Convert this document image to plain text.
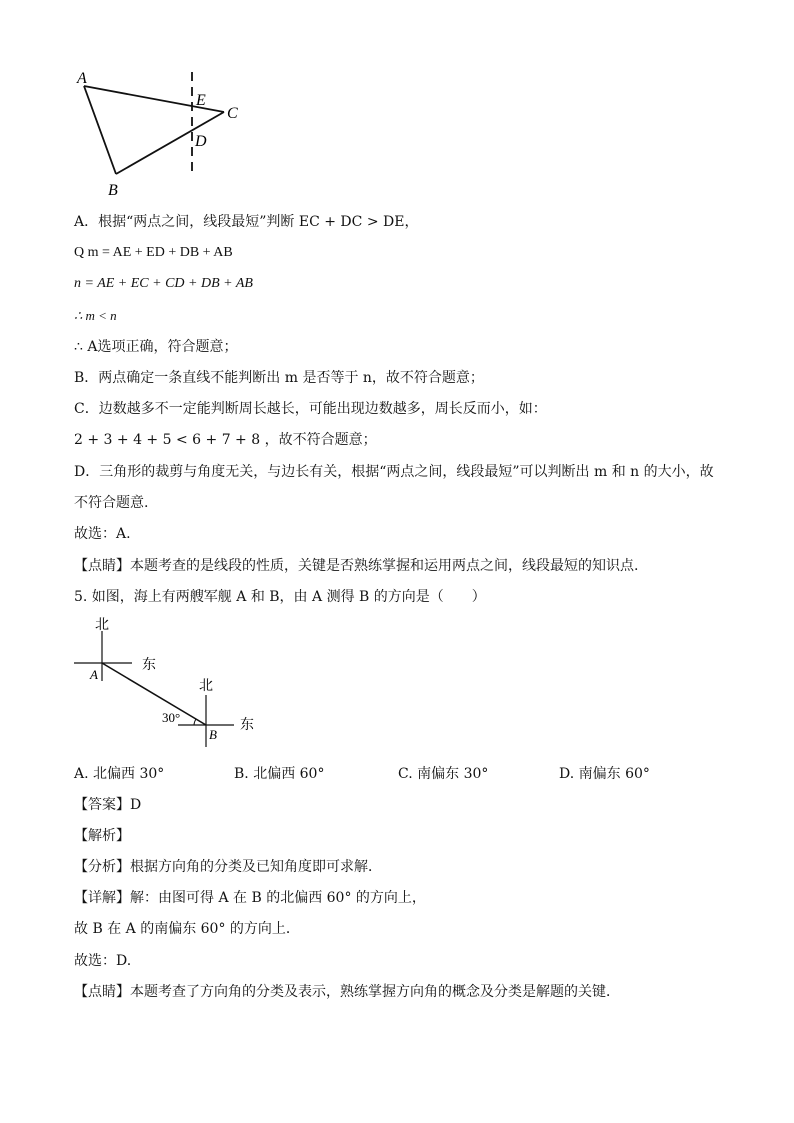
A
E
C
D
B
A．根据“两点之间，线段最短”判断 EC + DC > DE，
Q m = AE + ED + DB + AB
n = AE + EC + CD + DB + AB
∴ m < n
∴ A选项正确，符合题意；
B．两点确定一条直线不能判断出 m 是否等于 n，故不符合题意；
C．边数越多不一定能判断周长越长，可能出现边数越多，周长反而小，如：
2 + 3 + 4 + 5 < 6 + 7 + 8 ，故不符合题意；
D．三角形的裁剪与角度无关，与边长有关，根据“两点之间，线段最短”可以判断出 m 和 n 的大小，故
不符合题意.
故选：A.
【点睛】本题考查的是线段的性质，关键是否熟练掌握和运用两点之间，线段最短的知识点.
5. 如图，海上有两艘军舰 A 和 B，由 A 测得 B 的方向是（　　）
北
东
A
北
东
B
30°
A. 北偏西 30°	B. 北偏西 60°	C. 南偏东 30°	D. 南偏东 60°
【答案】D
【解析】
【分析】根据方向角的分类及已知角度即可求解．
【详解】解：由图可得 A 在 B 的北偏西 60° 的方向上，
故 B 在 A 的南偏东 60° 的方向上．
故选：D.
【点睛】本题考查了方向角的分类及表示，熟练掌握方向角的概念及分类是解题的关键．
